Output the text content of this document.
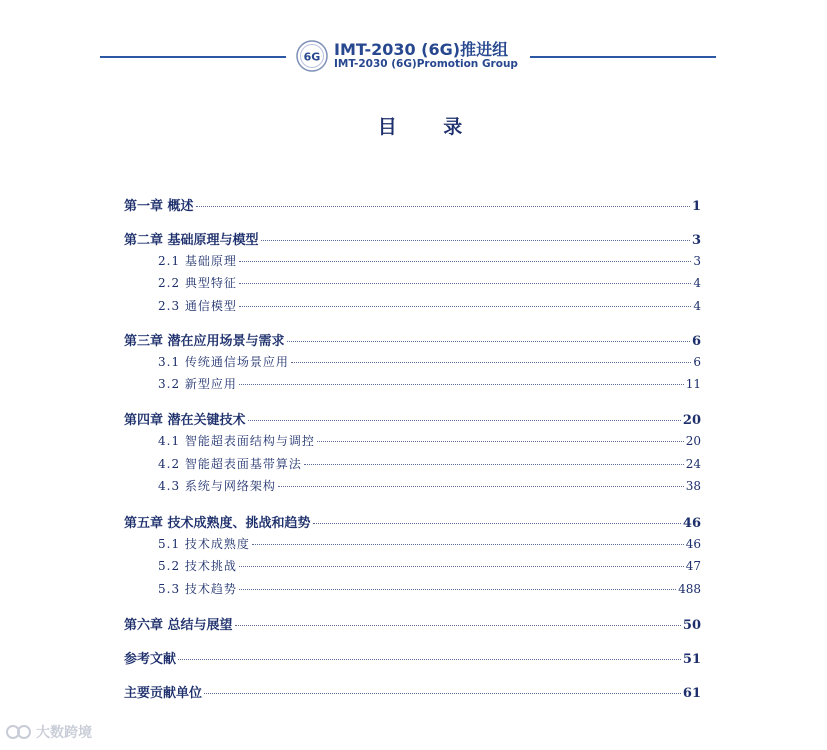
6G IMT-2030 (6G)推进组
IMT-2030 (6G)Promotion Group
目 录
第一章 概述	1
第二章 基础原理与模型	3
2.1 基础原理	3
2.2 典型特征	4
2.3 通信模型	4
第三章 潜在应用场景与需求	6
3.1 传统通信场景应用	6
3.2 新型应用	11
第四章 潜在关键技术	20
4.1 智能超表面结构与调控	20
4.2 智能超表面基带算法	24
4.3 系统与网络架构	38
第五章 技术成熟度、挑战和趋势	46
5.1 技术成熟度	46
5.2 技术挑战	47
5.3 技术趋势	488
第六章 总结与展望	50
参考文献	51
主要贡献单位	61
大数跨境
